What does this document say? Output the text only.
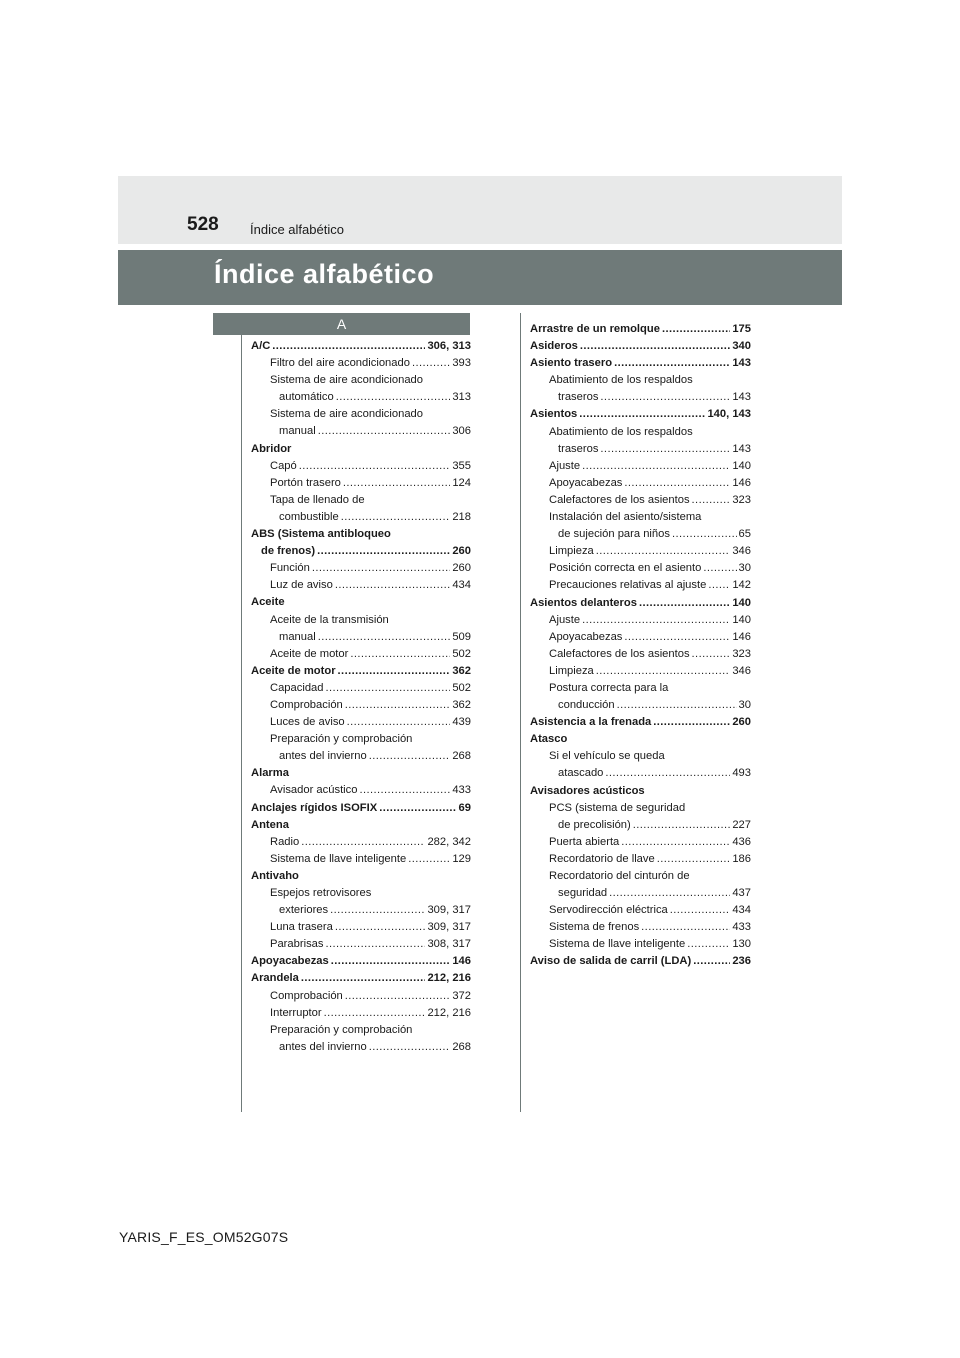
528 Índice alfabético
Índice alfabético
A
A/C .....	306, 313
Filtro del aire acondicionado .....	393
Sistema de aire acondicionado
automático .....	313
Sistema de aire acondicionado
manual .....	306
Abridor
Capó .....	355
Portón trasero .....	124
Tapa de llenado de
combustible .....	218
ABS (Sistema antibloqueo
de frenos) .....	260
Función .....	260
Luz de aviso .....	434
Aceite
Aceite de la transmisión
manual .....	509
Aceite de motor .....	502
Aceite de motor .....	362
Capacidad .....	502
Comprobación .....	362
Luces de aviso .....	439
Preparación y comprobación
antes del invierno .....	268
Alarma
Avisador acústico .....	433
Anclajes rígidos ISOFIX .....	69
Antena
Radio .....	282, 342
Sistema de llave inteligente .....	129
Antivaho
Espejos retrovisores
exteriores .....	309, 317
Luna trasera .....	309, 317
Parabrisas .....	308, 317
Apoyacabezas .....	146
Arandela .....	212, 216
Comprobación .....	372
Interruptor .....	212, 216
Preparación y comprobación
antes del invierno .....	268
Arrastre de un remolque .....	175
Asideros .....	340
Asiento trasero .....	143
Abatimiento de los respaldos
traseros .....	143
Asientos .....	140, 143
Abatimiento de los respaldos
traseros .....	143
Ajuste .....	140
Apoyacabezas .....	146
Calefactores de los asientos .....	323
Instalación del asiento/sistema
de sujeción para niños .....	65
Limpieza .....	346
Posición correcta en el asiento .....	30
Precauciones relativas al ajuste ..... 142
Asientos delanteros .....	140
Ajuste .....	140
Apoyacabezas .....	146
Calefactores de los asientos .....	323
Limpieza .....	346
Postura correcta para la
conducción .....	30
Asistencia a la frenada .....	260
Atasco
Si el vehículo se queda
atascado .....	493
Avisadores acústicos
PCS (sistema de seguridad
de precolisión) .....	227
Puerta abierta .....	436
Recordatorio de llave .....	186
Recordatorio del cinturón de
seguridad .....	437
Servodirección eléctrica .....	434
Sistema de frenos .....	433
Sistema de llave inteligente .....	130
Aviso de salida de carril (LDA) .....	236
YARIS_F_ES_OM52G07S
